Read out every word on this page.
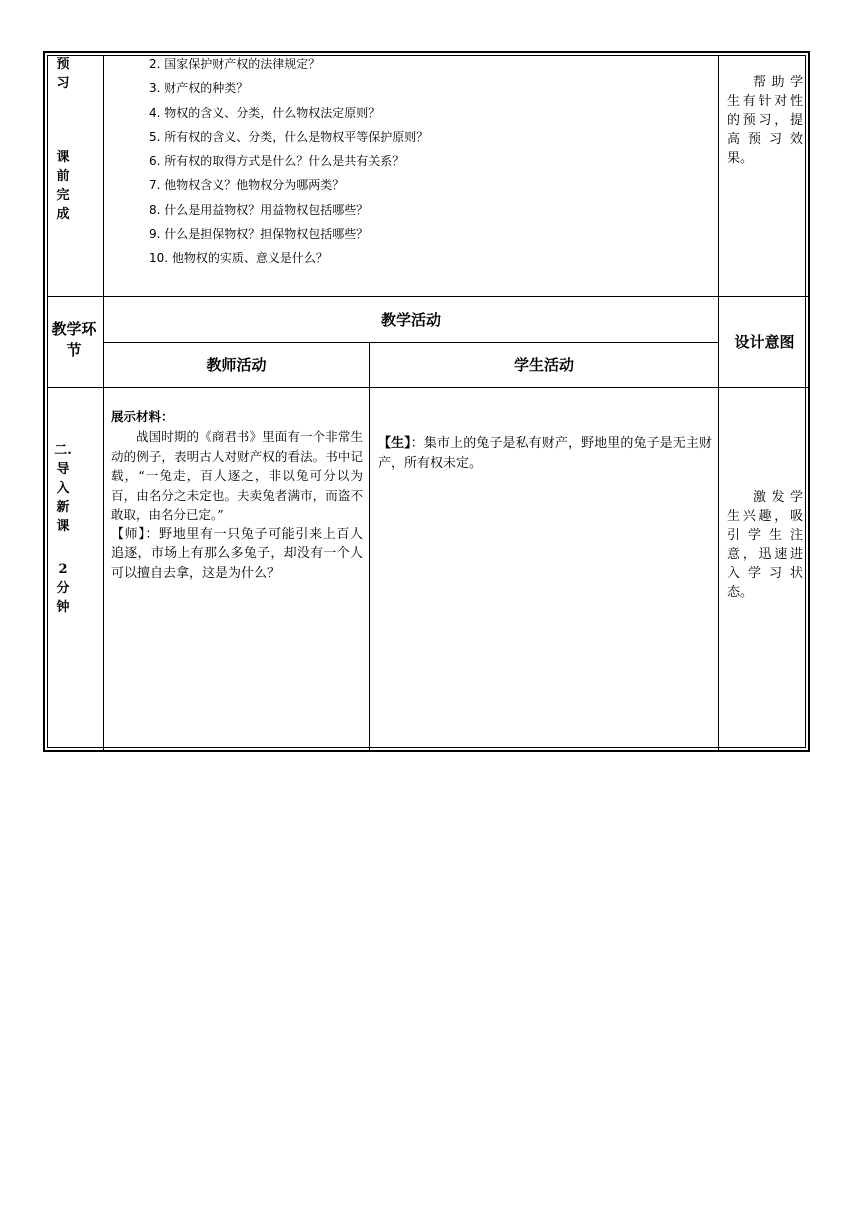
预
习
课
前
完
成
2. 国家保护财产权的法律规定？
3. 财产权的种类？
4. 物权的含义、分类，什么物权法定原则？
5. 所有权的含义、分类，什么是物权平等保护原则？
6. 所有权的取得方式是什么？什么是共有关系？
7. 他物权含义？他物权分为哪两类？
8. 什么是用益物权？用益物权包括哪些？
9. 什么是担保物权？担保物权包括哪些？
10. 他物权的实质、意义是什么？
帮助学生有针对性的预习，提高预习效果。
教学环节
教学活动
教师活动	学生活动
设计意图
二.
导
入
新
课
2
分
钟
展示材料：
战国时期的《商君书》里面有一个非常生动的例子，表明古人对财产权的看法。书中记载，“一兔走，百人逐之，非以兔可分以为百，由名分之未定也。夫卖兔者满市，而盗不敢取，由名分已定。”
【师】：野地里有一只兔子可能引来上百人追逐，市场上有那么多兔子，却没有一个人可以擅自去拿，这是为什么？
【生】：集市上的兔子是私有财产，野地里的兔子是无主财产，所有权未定。
激发学生兴趣，吸引学生注意，迅速进入学习状态。
